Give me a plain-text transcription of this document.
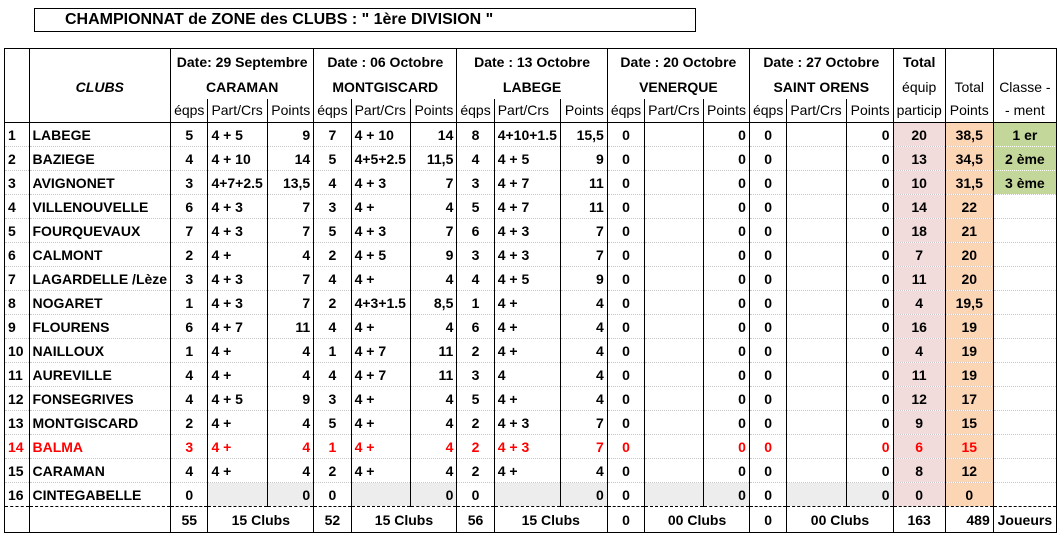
CHAMPIONNAT de ZONE des CLUBS : " 1ère DIVISION "
		Date: 29 Septembre			Date : 06 Octobre			Date : 13 Octobre			Date : 20 Octobre			Date : 27 Octobre			Total		
	CLUBS	CARAMAN			MONTGISCARD			LABEGE			VENERQUE			SAINT ORENS			équip	Total	Classe -
		éqps	Part/Crs	Points	éqps	Part/Crs	Points	éqps	Part/Crs	Points	éqps	Part/Crs	Points	éqps	Part/Crs	Points	particip	Points	- ment
1	LABEGE	5	4 + 5	9	7	4 + 10	14	8	4+10+1.5	15,5	0		0	0		0	20	38,5	1 er
2	BAZIEGE	4	4 + 10	14	5	4+5+2.5	11,5	4	4 + 5	9	0		0	0		0	13	34,5	2 ème
3	AVIGNONET	3	4+7+2.5	13,5	4	4 + 3	7	3	4 + 7	11	0		0	0		0	10	31,5	3 ème
4	VILLENOUVELLE	6	4 + 3	7	3	4 +	4	5	4 + 7	11	0		0	0		0	14	22	
5	FOURQUEVAUX	7	4 + 3	7	5	4 + 3	7	6	4 + 3	7	0		0	0		0	18	21	
6	CALMONT	2	4 +	4	2	4 + 5	9	3	4 + 3	7	0		0	0		0	7	20	
7	LAGARDELLE /Lèze	3	4 + 3	7	4	4 +	4	4	4 + 5	9	0		0	0		0	11	20	
8	NOGARET	1	4 + 3	7	2	4+3+1.5	8,5	1	4 +	4	0		0	0		0	4	19,5	
9	FLOURENS	6	4 + 7	11	4	4 +	4	6	4 +	4	0		0	0		0	16	19	
10	NAILLOUX	1	4 +	4	1	4 + 7	11	2	4 +	4	0		0	0		0	4	19	
11	AUREVILLE	4	4 +	4	4	4 + 7	11	3	4	4	0		0	0		0	11	19	
12	FONSEGRIVES	4	4 + 5	9	3	4 +	4	5	4 +	4	0		0	0		0	12	17	
13	MONTGISCARD	2	4 +	4	5	4 +	4	2	4 + 3	7	0		0	0		0	9	15	
14	BALMA	3	4 +	4	1	4 +	4	2	4 + 3	7	0		0	0		0	6	15	
15	CARAMAN	4	4 +	4	2	4 +	4	2	4 +	4	0		0	0		0	8	12	
16	CINTEGABELLE	0		0	0		0	0		0	0		0	0		0	0	0	
		55	15 Clubs		52	15 Clubs		56	15 Clubs		0	00 Clubs		0	00 Clubs		163	489	Joueurs
